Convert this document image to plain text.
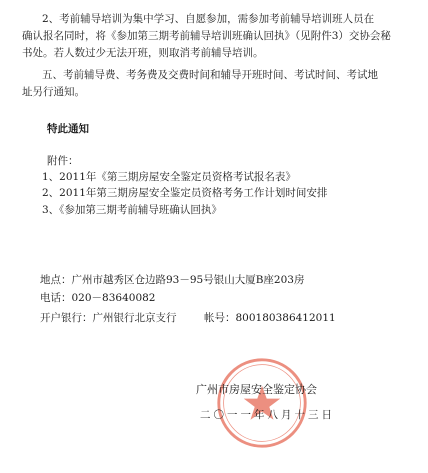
2、考前辅导培训为集中学习、自愿参加，需参加考前辅导培训班人员在
确认报名同时，将《参加第三期考前辅导培训班确认回执》（见附件3）交协会秘
书处。若人数过少无法开班，则取消考前辅导培训。
五、考前辅导费、考务费及交费时间和辅导开班时间、考试时间、考试地
址另行通知。
特此通知
附件：
1、2011年《第三期房屋安全鉴定员资格考试报名表》
2、2011年第三期房屋安全鉴定员资格考务工作计划时间安排
3、《参加第三期考前辅导班确认回执》
地点：广州市越秀区仓边路93－95号银山大厦B座203房
电话：020－83640082
开户银行：广州银行北京支行	帐号：800180386412011
广州市房屋安全鉴定协会
二〇一一年八月十三日
